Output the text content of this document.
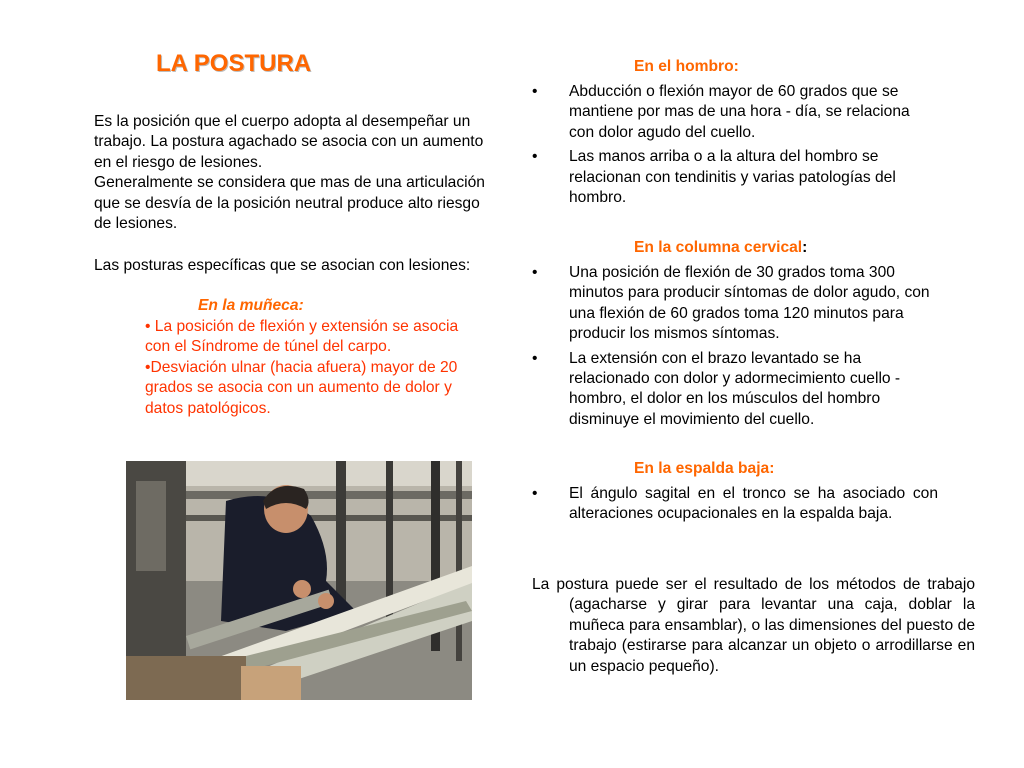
LA POSTURA

Es la posición que el cuerpo adopta al desempeñar un trabajo. La postura agachado se asocia con un aumento en el riesgo de lesiones.

Generalmente se considera que mas de una articulación que se desvía de la posición neutral produce alto riesgo de lesiones.

Las posturas específicas que se asocian con lesiones:
En la muñeca:
• La posición de flexión y extensión se asocia con el Síndrome de túnel del carpo.
•Desviación ulnar (hacia afuera) mayor de 20 grados se asocia con un aumento de dolor y datos patológicos.
En el hombro:
• Abducción o flexión mayor de 60 grados que se mantiene por mas de una hora - día, se relaciona con dolor agudo del cuello.
• Las manos arriba o a la altura del hombro se relacionan con tendinitis y varias patologías del hombro.
En la columna cervical:
• Una posición de flexión de 30 grados toma 300 minutos para producir síntomas de dolor agudo, con una flexión de 60 grados toma 120 minutos para producir los mismos síntomas.
• La extensión con el brazo levantado se ha relacionado con dolor y adormecimiento cuello - hombro, el dolor en los músculos del hombro disminuye el movimiento del cuello.
En la espalda baja:
• El ángulo sagital en el tronco se ha asociado con alteraciones ocupacionales en la espalda baja.
La postura puede ser el resultado de los métodos de trabajo (agacharse y girar para levantar una caja, doblar la muñeca para ensamblar), o las dimensiones del puesto de trabajo (estirarse para alcanzar un objeto o arrodillarse en un espacio pequeño).
